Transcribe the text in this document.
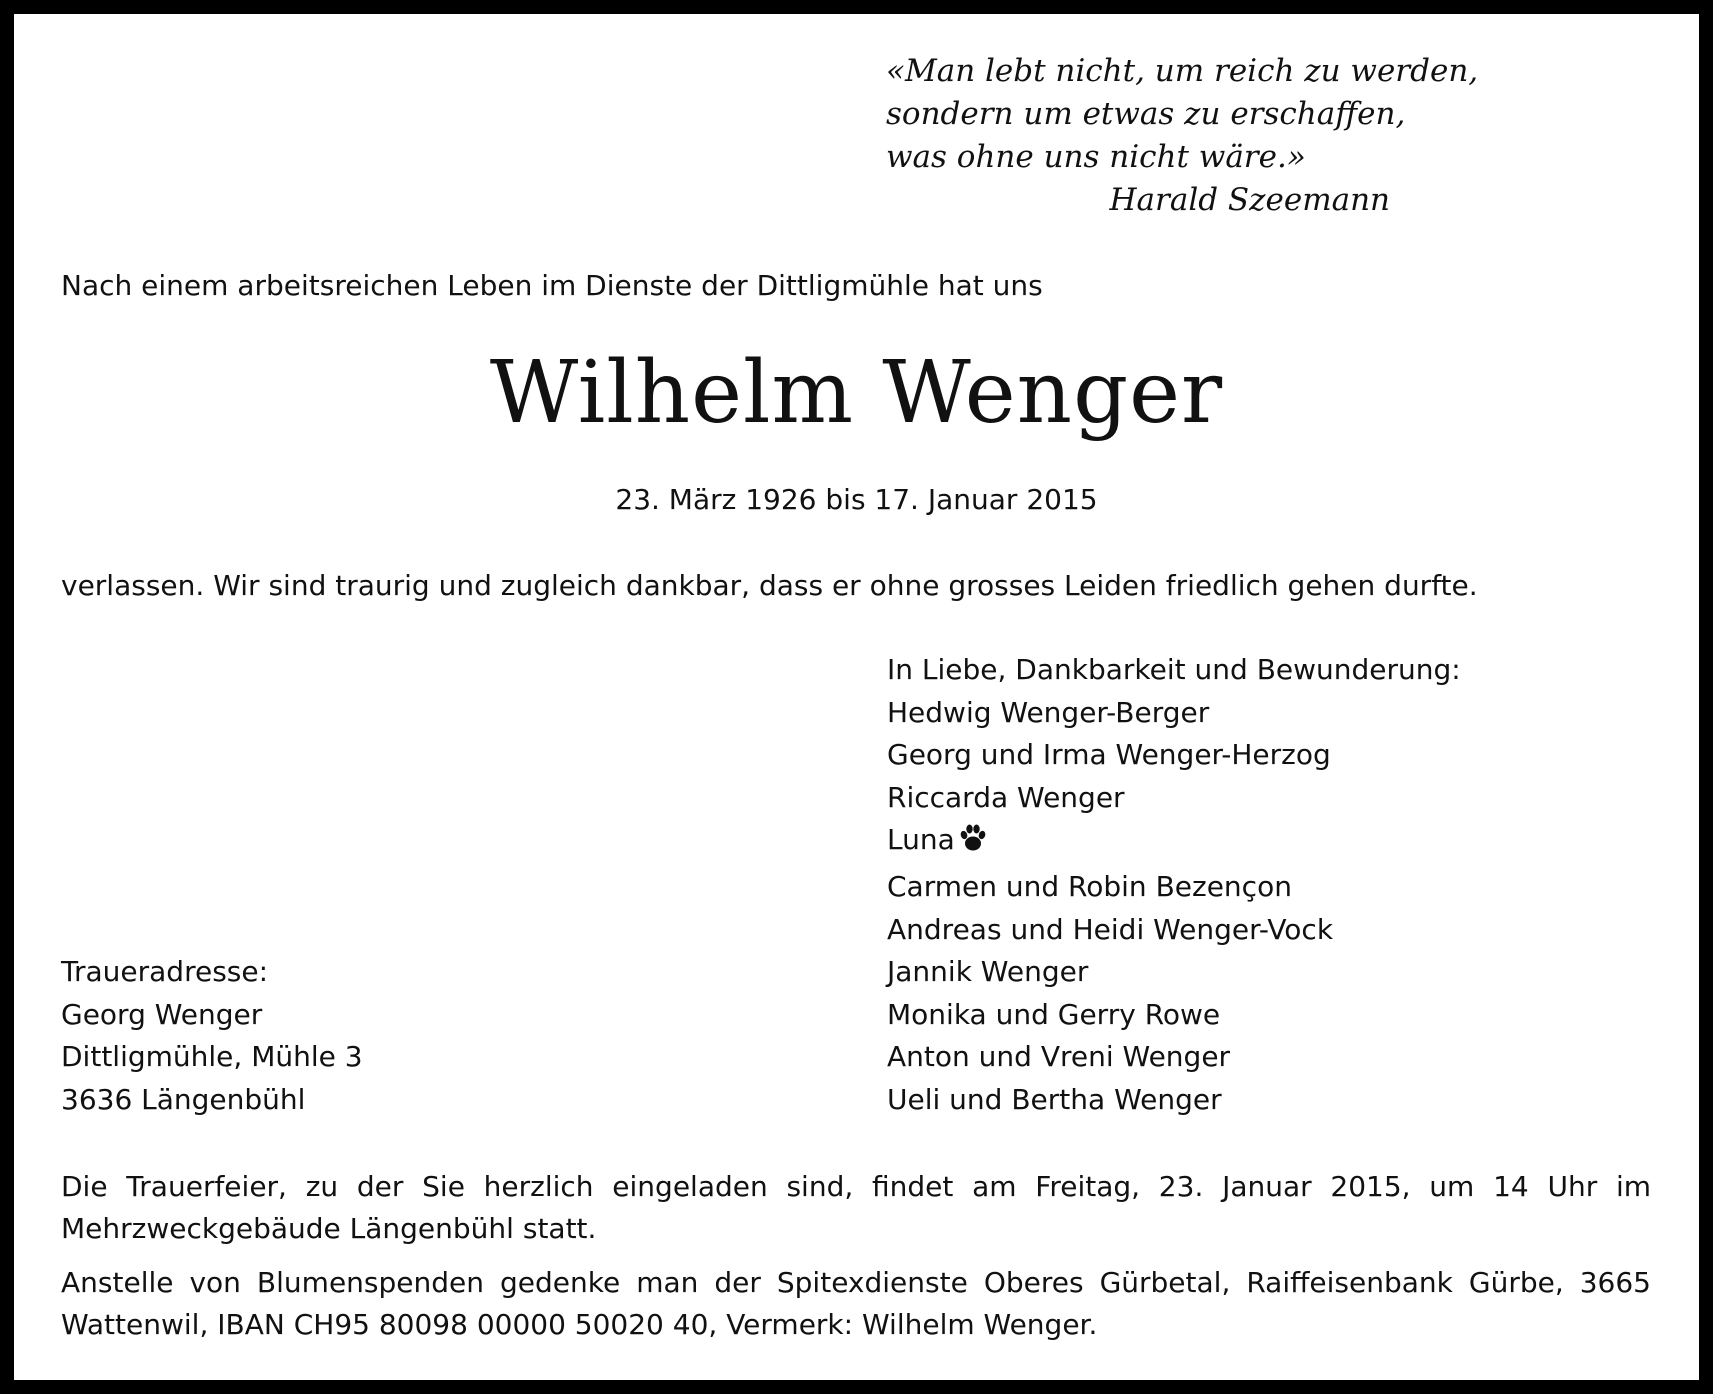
«Man lebt nicht, um reich zu werden,
sondern um etwas zu erschaffen,
was ohne uns nicht wäre.»
Harald Szeemann
Nach einem arbeitsreichen Leben im Dienste der Dittligmühle hat uns
Wilhelm Wenger
23. März 1926 bis 17. Januar 2015
verlassen. Wir sind traurig und zugleich dankbar, dass er ohne grosses Leiden friedlich gehen durfte.
In Liebe, Dankbarkeit und Bewunderung:
Hedwig Wenger-Berger
Georg und Irma Wenger-Herzog
Riccarda Wenger
Luna
Carmen und Robin Bezençon
Andreas und Heidi Wenger-Vock
Jannik Wenger
Monika und Gerry Rowe
Anton und Vreni Wenger
Ueli und Bertha Wenger
Traueradresse:
Georg Wenger
Dittligmühle, Mühle 3
3636 Längenbühl
Die Trauerfeier, zu der Sie herzlich eingeladen sind, findet am Freitag, 23. Januar 2015, um 14 Uhr im Mehrzweckgebäude Längenbühl statt.
Anstelle von Blumenspenden gedenke man der Spitexdienste Oberes Gürbetal, Raiffeisenbank Gürbe, 3665 Wattenwil, IBAN CH95 80098 00000 50020 40, Vermerk: Wilhelm Wenger.
